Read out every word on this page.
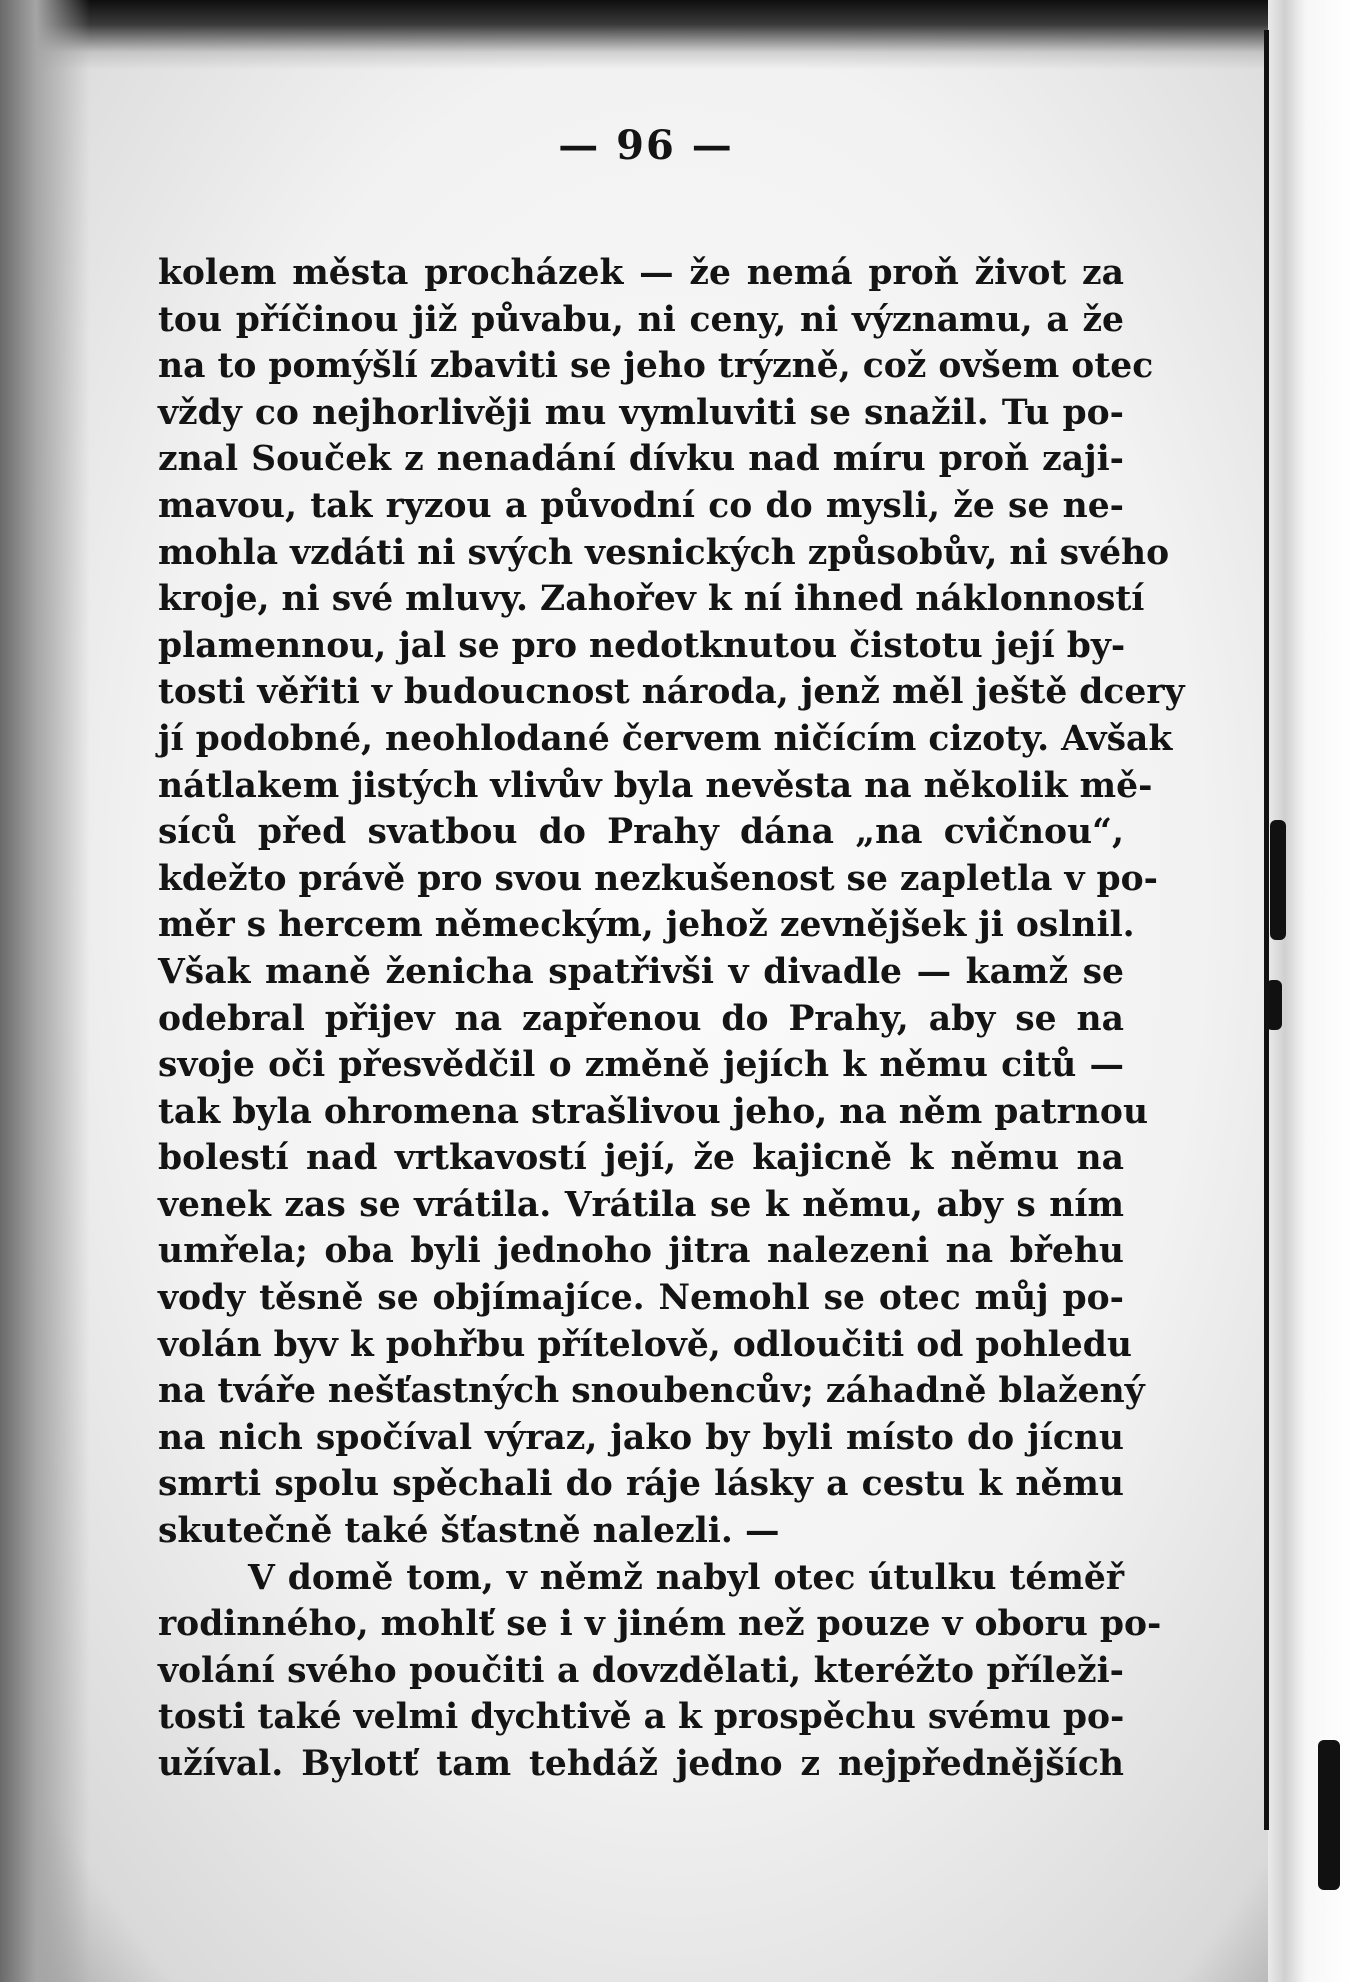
— 96 —

kolem města procházek — že nemá proň život za

tou příčinou již půvabu, ni ceny, ni významu, a že

na to pomýšlí zbaviti se jeho trýzně, což ovšem otec

vždy co nejhorlivěji mu vymluviti se snažil. Tu po-

znal Souček z nenadání dívku nad míru proň zaji-

mavou, tak ryzou a původní co do mysli, že se ne-

mohla vzdáti ni svých vesnických způsobův, ni svého

kroje, ni své mluvy. Zahořev k ní ihned náklonností

plamennou, jal se pro nedotknutou čistotu její by-

tosti věřiti v budoucnost národa, jenž měl ještě dcery

jí podobné, neohlodané červem ničícím cizoty. Avšak

nátlakem jistých vlivův byla nevěsta na několik mě-

síců před svatbou do Prahy dána „na cvičnou“,

kdežto právě pro svou nezkušenost se zapletla v po-

měr s hercem německým, jehož zevnějšek ji oslnil.

Však maně ženicha spatřivši v divadle — kamž se

odebral přijev na zapřenou do Prahy, aby se na

svoje oči přesvědčil o změně jejích k němu citů —

tak byla ohromena strašlivou jeho, na něm patrnou

bolestí nad vrtkavostí její, že kajicně k němu na

venek zas se vrátila. Vrátila se k němu, aby s ním

umřela; oba byli jednoho jitra nalezeni na břehu

vody těsně se objímajíce. Nemohl se otec můj po-

volán byv k pohřbu přítelově, odloučiti od pohledu

na tváře nešťastných snoubencův; záhadně blažený

na nich spočíval výraz, jako by byli místo do jícnu

smrti spolu spěchali do ráje lásky a cestu k němu

skutečně také šťastně nalezli. —

V domě tom, v němž nabyl otec útulku téměř

rodinného, mohlť se i v jiném než pouze v oboru po-

volání svého poučiti a dovzdělati, kteréžto příleži-

tosti také velmi dychtivě a k prospěchu svému po-

užíval. Bylotť tam tehdáž jedno z nejpřednějších
